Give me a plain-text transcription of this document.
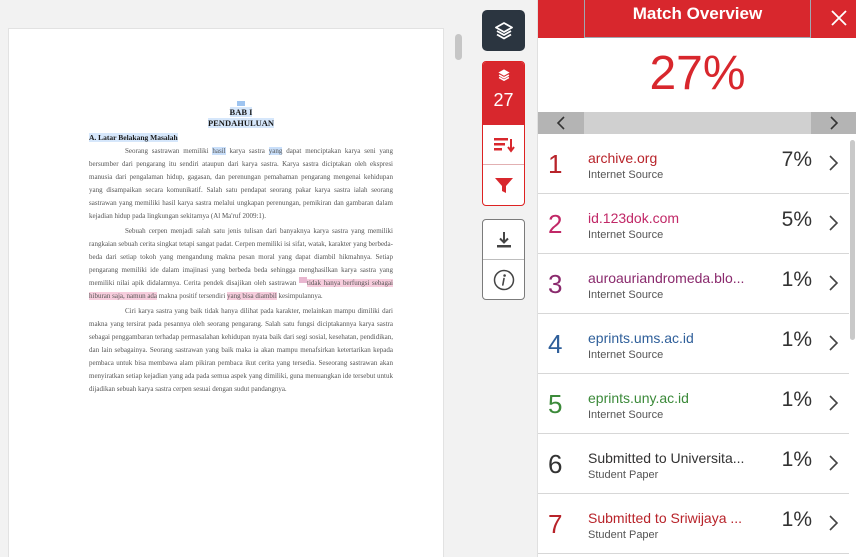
BAB I
PENDAHULUAN
A. Latar Belakang Masalah

Seorang sastrawan memiliki hasil karya sastra yang dapat menciptakan karya seni yang bersumber dari pengarang itu sendiri ataupun dari karya sastra. Karya sastra diciptakan oleh ekspresi manusia dari pengalaman hidup, gagasan, dan perenungan pemahaman pengarang mengenai kehidupan yang disampaikan secara komunikatif. Salah satu pendapat seorang pakar karya sastra ialah seorang sastrawan yang memiliki hasil karya sastra melalui ungkapan perenungan, pemikiran dan gambaran dalam kejadian hidup pada lingkungan sekitarnya (Al Ma'ruf 2009:1).

Sebuah cerpen menjadi salah satu jenis tulisan dari banyaknya karya sastra yang memiliki rangkaian sebuah cerita singkat tetapi sangat padat. Cerpen memiliki isi sifat, watak, karakter yang berbeda-beda dari setiap tokoh yang mengandung makna pesan moral yang dapat diambil hikmahnya. Setiap pengarang memiliki ide dalam imajinasi yang berbeda beda sehingga menghasilkan karya sastra yang memiliki nilai apik didalamnya. Cerita pendek disajikan oleh sastrawan tidak hanya berfungsi sebagai hiburan saja, namun ada makna positif tersendiri yang bisa diambil kesimpulannya.

Ciri karya sastra yang baik tidak hanya dilihat pada karakter, melainkan mampu dimiliki dari makna yang tersirat pada pesannya oleh seorang pengarang. Salah satu fungsi diciptakannya karya sastra sebagai penggambaran terhadap permasalahan kehidupan nyata baik dari segi sosial, kesehatan, pendidikan, dan lain sebagainya. Seorang sastrawan yang baik maka ia akan mampu menafsirkan ketertarikan kepada pembaca untuk bisa membawa alam pikiran pembaca ikut cerita yang tersedia. Seseorang sastrawan akan menyiratkan setiap kejadian yang ada pada semua aspek yang dimiliki, guna menuangkan ide tersebut untuk dijadikan sebuah karya sastra cerpen sesuai dengan sudut pandangnya.

27
Match Overview
27%
1	archive.org
Internet Source
7%
2	id.123dok.com
Internet Source
5%
3	auroauriandromeda.blo...
Internet Source
1%
4	eprints.ums.ac.id
Internet Source
1%
5	eprints.uny.ac.id
Internet Source
1%
6	Submitted to Universita...
Student Paper
1%
7	Submitted to Sriwijaya ...
Student Paper
1%
